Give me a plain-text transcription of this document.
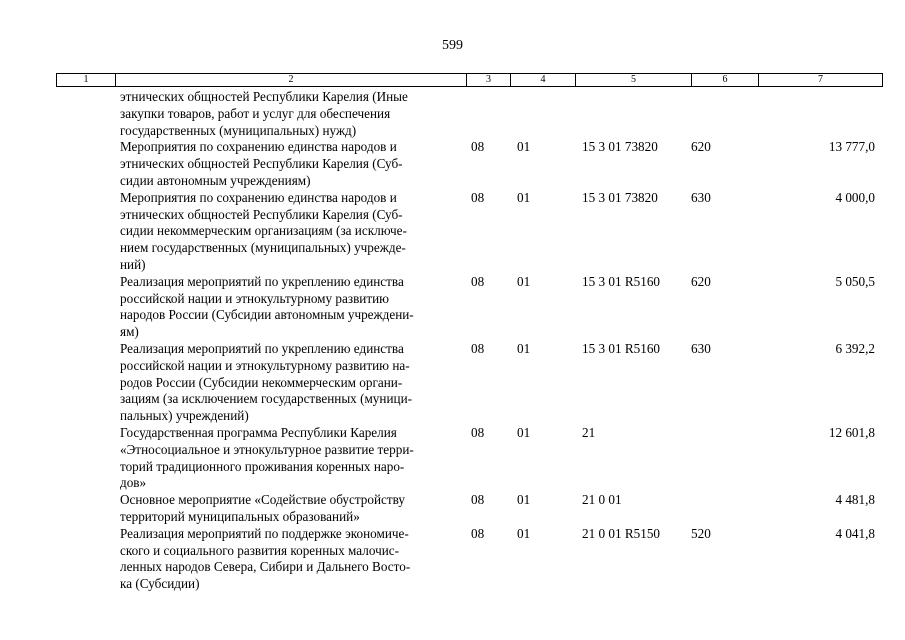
599
1	2	3	4	5	6	7
этнических общностей Республики Карелия (Иные
закупки товаров, работ и услуг для обеспечения
государственных (муниципальных) нужд)
Мероприятия по сохранению единства народов и
этнических общностей Республики Карелия (Суб-
сидии автономным учреждениям)
08 01	15 3 01 73820	620	13 777,0
Мероприятия по сохранению единства народов и
этнических общностей Республики Карелия (Суб-
сидии некоммерческим организациям (за исключе-
нием государственных (муниципальных) учрежде-
ний)
08 01	15 3 01 73820	630	4 000,0
Реализация мероприятий по укреплению единства
российской нации и этнокультурному развитию
народов России (Субсидии автономным учреждени-
ям)
08 01	15 3 01 R5160 620	5 050,5
Реализация мероприятий по укреплению единства
российской нации и этнокультурному развитию на-
родов России (Субсидии некоммерческим органи-
зациям (за исключением государственных (муници-
пальных) учреждений)
08 01	15 3 01 R5160 630	6 392,2
Государственная программа Республики Карелия
«Этносоциальное и этнокультурное развитие терри-
торий традиционного проживания коренных наро-
дов»
08 01	21	12 601,8
Основное мероприятие «Содействие обустройству
территорий муниципальных образований»
08 01	21 0 01	4 481,8
Реализация мероприятий по поддержке экономиче-
ского и социального развития коренных малочис-
ленных народов Севера, Сибири и Дальнего Восто-
ка (Субсидии)
08 01	21 0 01 R5150 520	4 041,8
